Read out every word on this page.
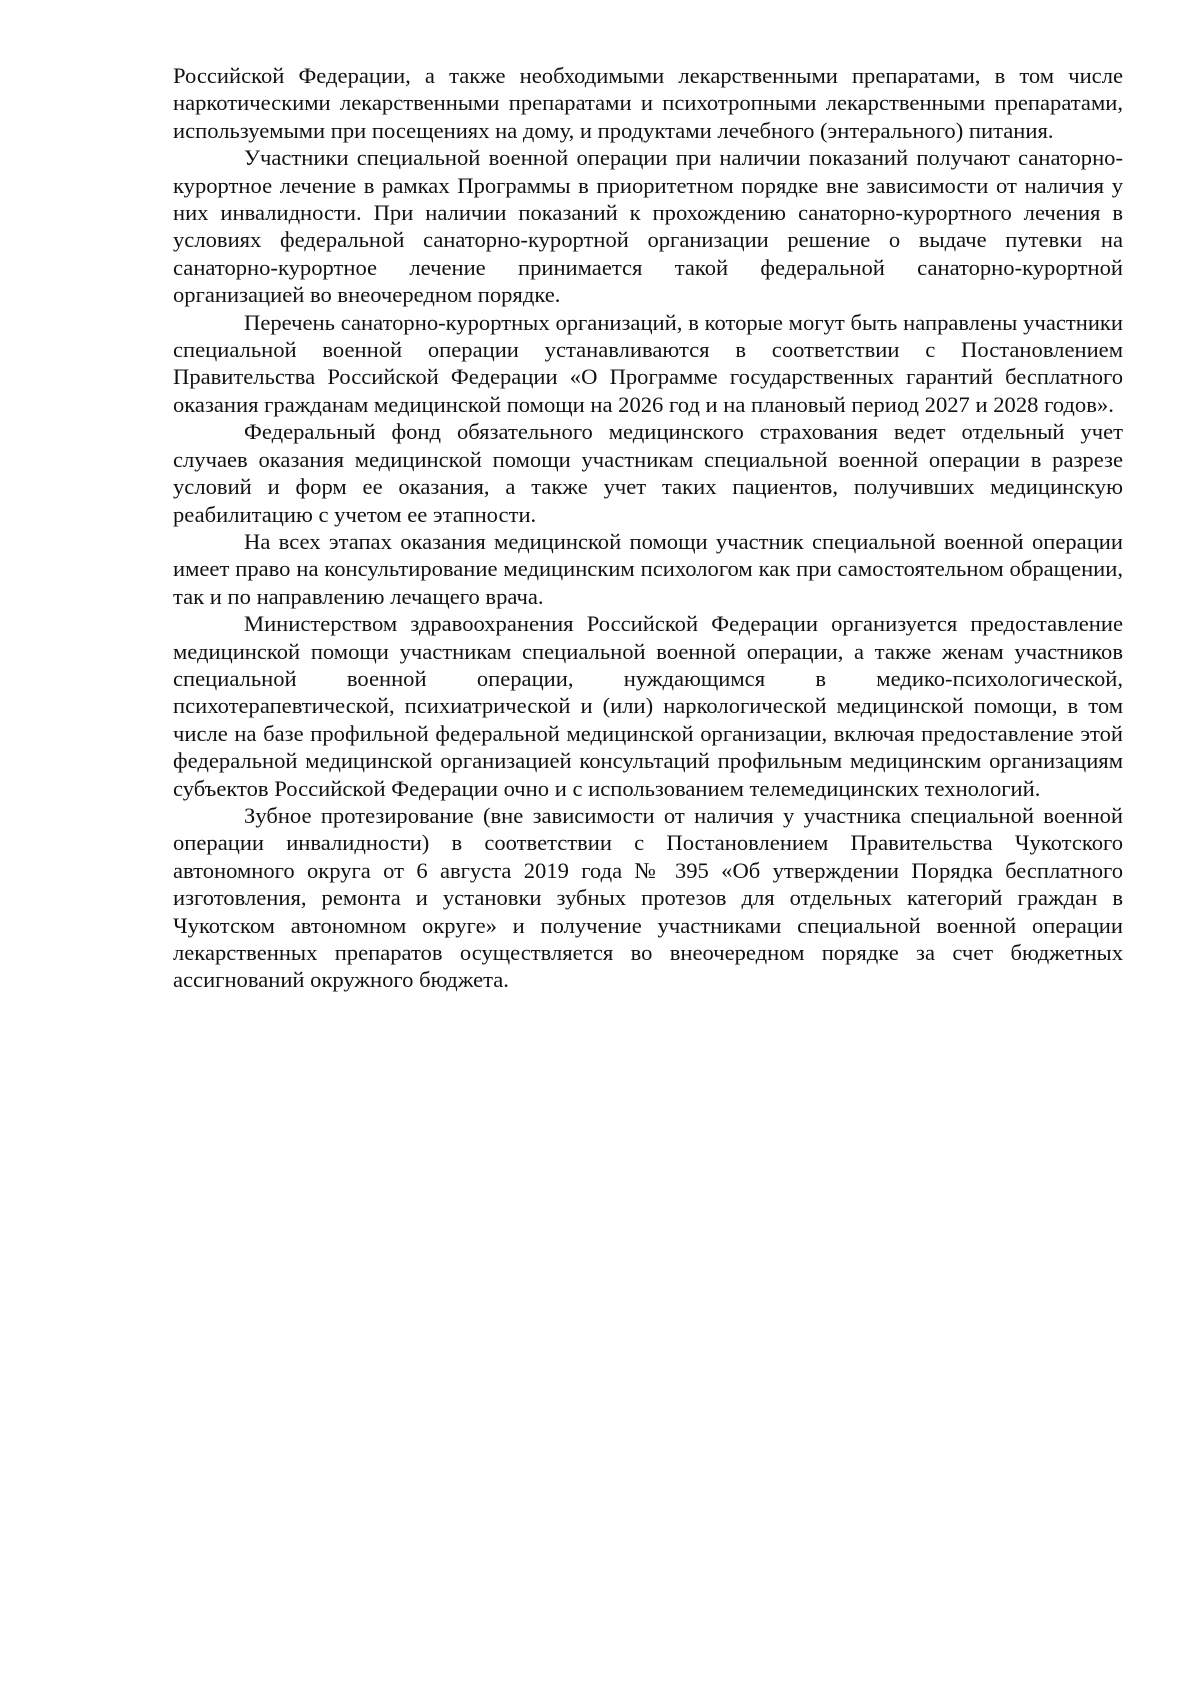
Российской Федерации, а также необходимыми лекарственными препаратами, в том числе наркотическими лекарственными препаратами и психотропными лекарственными препаратами, используемыми при посещениях на дому, и продуктами лечебного (энтерального) питания.

Участники специальной военной операции при наличии показаний получают санаторно-курортное лечение в рамках Программы в приоритетном порядке вне зависимости от наличия у них инвалидности. При наличии показаний к прохождению санаторно-курортного лечения в условиях федеральной санаторно-курортной организации решение о выдаче путевки на санаторно-курортное лечение принимается такой федеральной санаторно-курортной организацией во внеочередном порядке.

Перечень санаторно-курортных организаций, в которые могут быть направлены участники специальной военной операции устанавливаются в соответствии с Постановлением Правительства Российской Федерации «О Программе государственных гарантий бесплатного оказания гражданам медицинской помощи на 2026 год и на плановый период 2027 и 2028 годов».

Федеральный фонд обязательного медицинского страхования ведет отдельный учет случаев оказания медицинской помощи участникам специальной военной операции в разрезе условий и форм ее оказания, а также учет таких пациентов, получивших медицинскую реабилитацию с учетом ее этапности.

На всех этапах оказания медицинской помощи участник специальной военной операции имеет право на консультирование медицинским психологом как при самостоятельном обращении, так и по направлению лечащего врача.

Министерством здравоохранения Российской Федерации организуется предоставление медицинской помощи участникам специальной военной операции, а также женам участников специальной военной операции, нуждающимся в медико-психологической, психотерапевтической, психиатрической и (или) наркологической медицинской помощи, в том числе на базе профильной федеральной медицинской организации, включая предоставление этой федеральной медицинской организацией консультаций профильным медицинским организациям субъектов Российской Федерации очно и с использованием телемедицинских технологий.

Зубное протезирование (вне зависимости от наличия у участника специальной военной операции инвалидности) в соответствии с Постановлением Правительства Чукотского автономного округа от 6 августа 2019 года № 395 «Об утверждении Порядка бесплатного изготовления, ремонта и установки зубных протезов для отдельных категорий граждан в Чукотском автономном округе» и получение участниками специальной военной операции лекарственных препаратов осуществляется во внеочередном порядке за счет бюджетных ассигнований окружного бюджета.
